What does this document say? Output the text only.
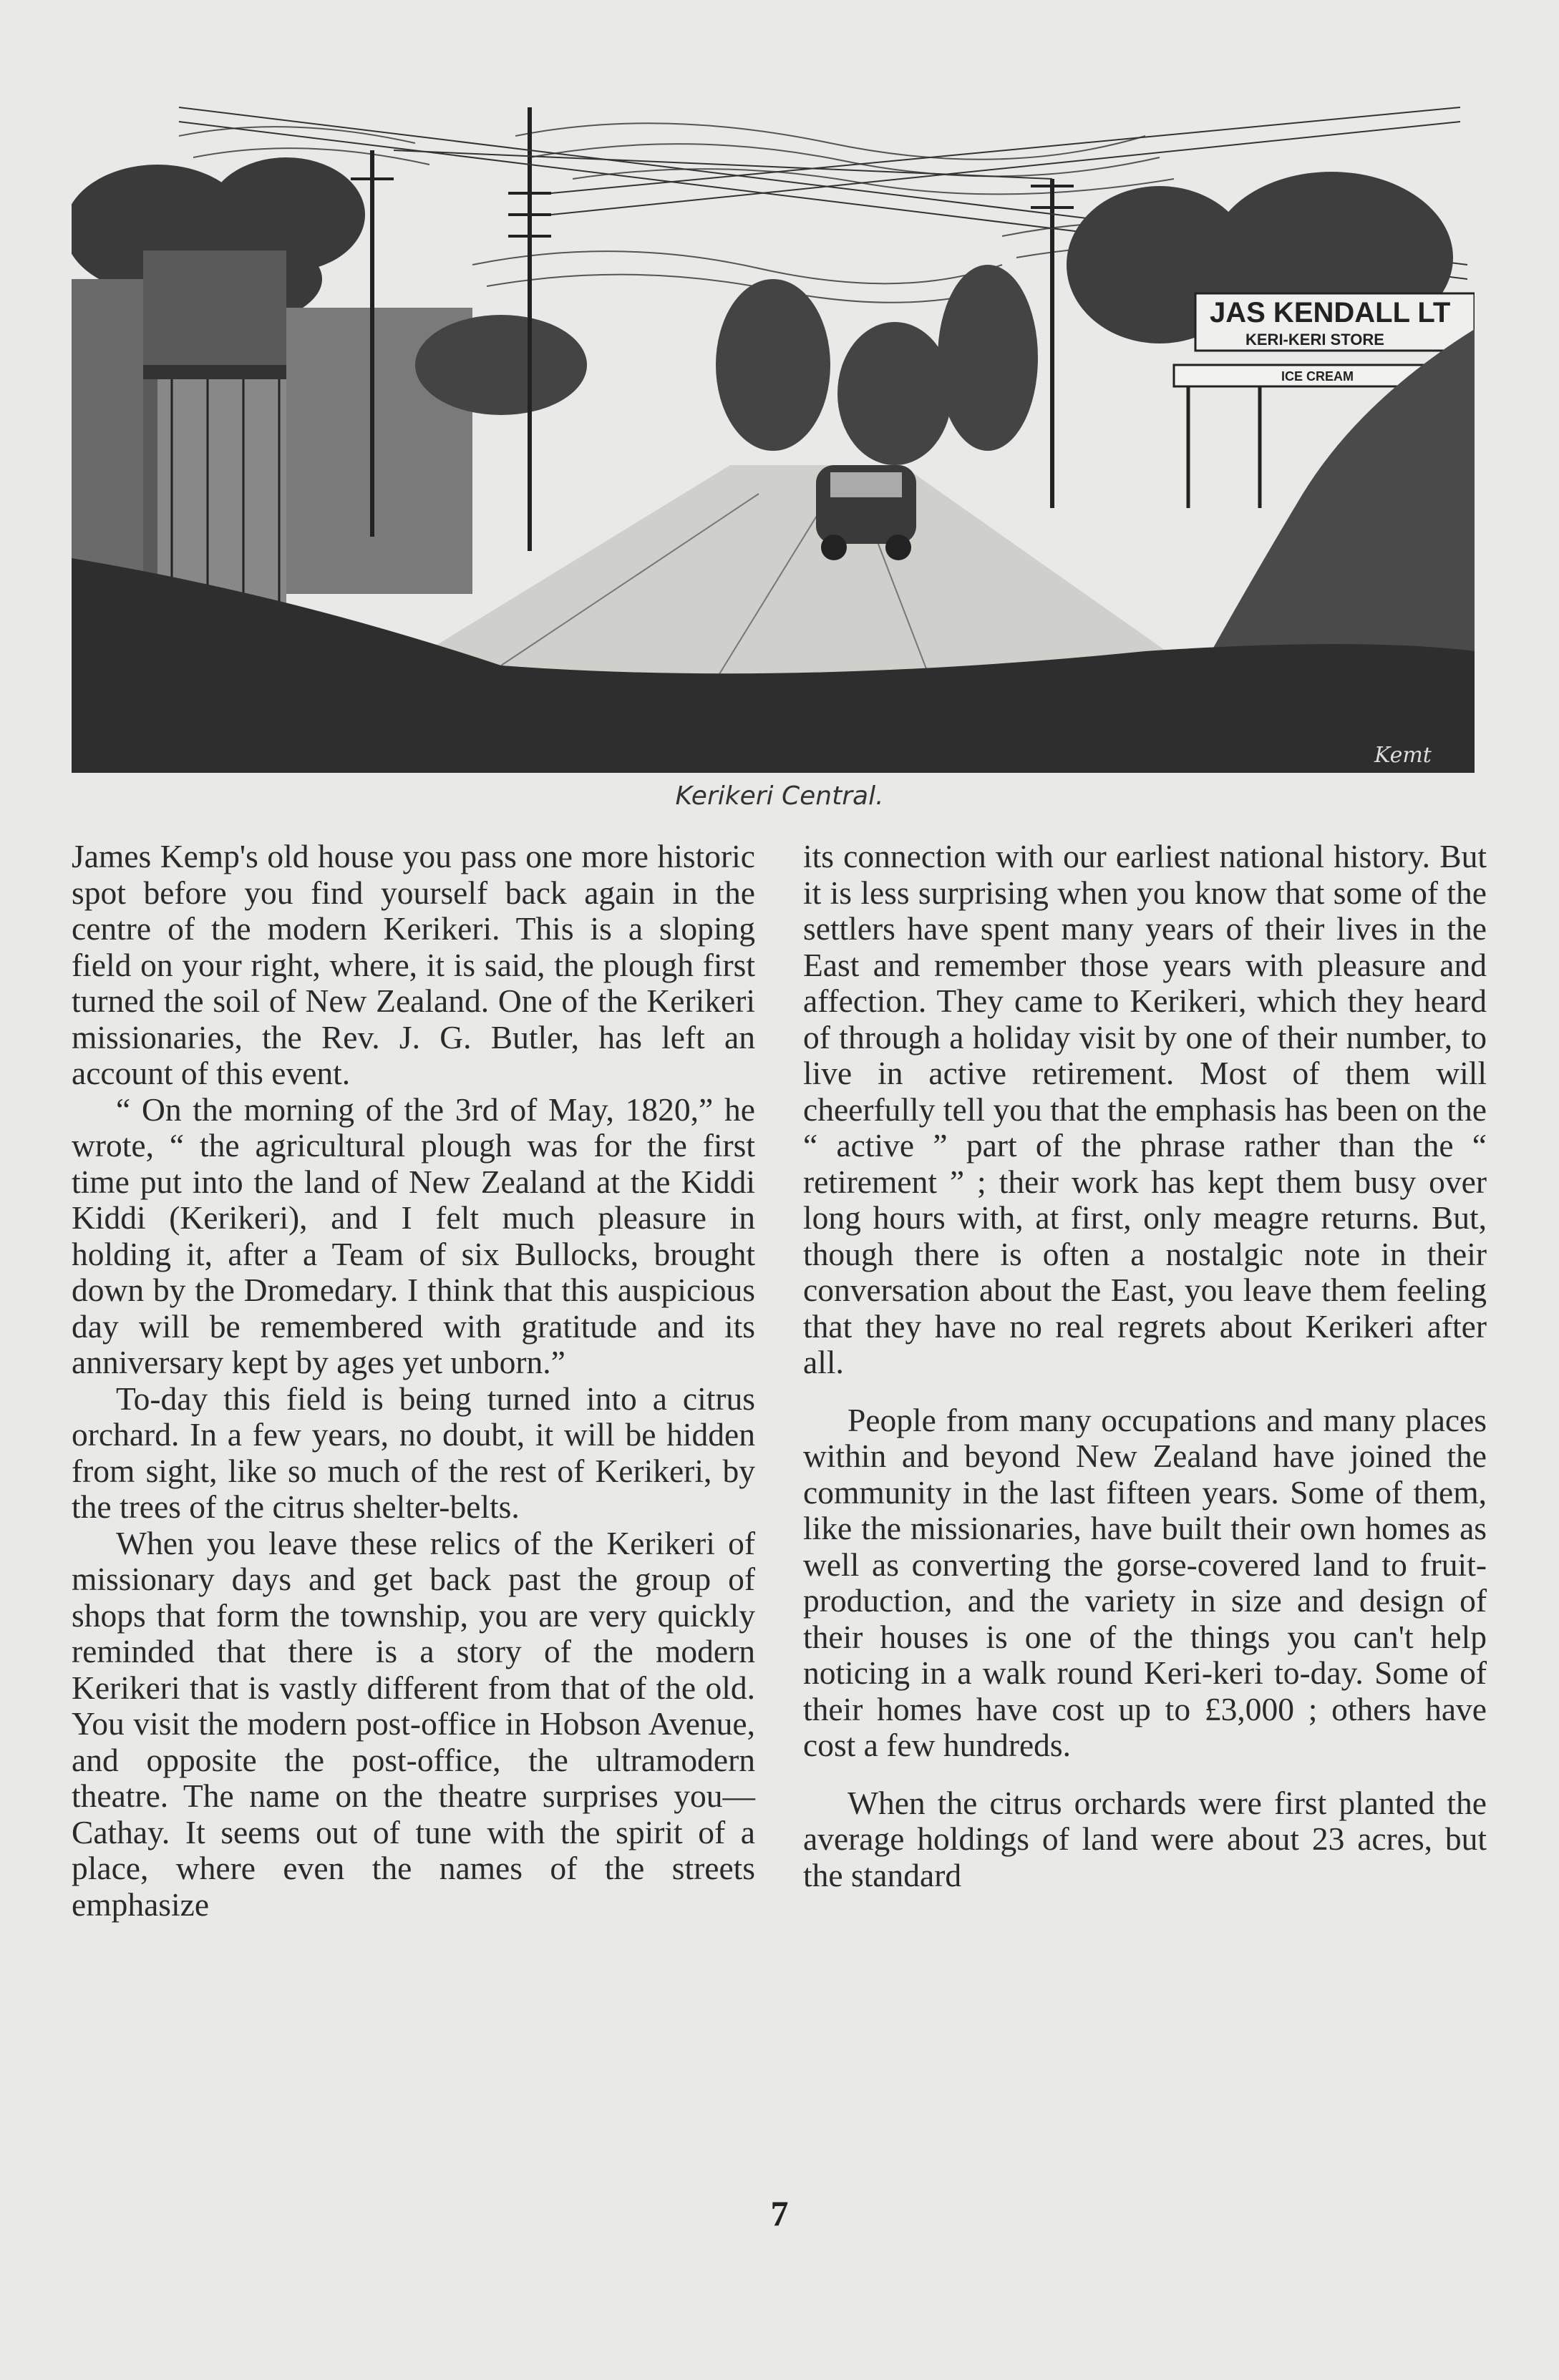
JAS KENDALL LT
KERI-KERI STORE
ICE CREAM
Kemt
Kerikeri Central.

James Kemp's old house you pass one more historic spot before you find yourself back again in the centre of the modern Kerikeri. This is a sloping field on your right, where, it is said, the plough first turned the soil of New Zealand. One of the Kerikeri missionaries, the Rev. J. G. Butler, has left an account of this event.

“ On the morning of the 3rd of May, 1820,” he wrote, “ the agricultural plough was for the first time put into the land of New Zealand at the Kiddi Kiddi (Kerikeri), and I felt much pleasure in holding it, after a Team of six Bullocks, brought down by the Dromedary. I think that this auspicious day will be remembered with gratitude and its anniversary kept by ages yet unborn.”

To-day this field is being turned into a citrus orchard. In a few years, no doubt, it will be hidden from sight, like so much of the rest of Kerikeri, by the trees of the citrus shelter-belts.

When you leave these relics of the Kerikeri of missionary days and get back past the group of shops that form the township, you are very quickly reminded that there is a story of the modern Kerikeri that is vastly different from that of the old. You visit the modern post-office in Hobson Avenue, and opposite the post-office, the ultramodern theatre. The name on the theatre surprises you—Cathay. It seems out of tune with the spirit of a place, where even the names of the streets emphasize

its connection with our earliest national history. But it is less surprising when you know that some of the settlers have spent many years of their lives in the East and remember those years with pleasure and affection. They came to Kerikeri, which they heard of through a holiday visit by one of their number, to live in active retirement. Most of them will cheerfully tell you that the emphasis has been on the “ active ” part of the phrase rather than the “ retirement ” ; their work has kept them busy over long hours with, at first, only meagre returns. But, though there is often a nostalgic note in their conversation about the East, you leave them feeling that they have no real regrets about Kerikeri after all.

People from many occupations and many places within and beyond New Zealand have joined the community in the last fifteen years. Some of them, like the missionaries, have built their own homes as well as converting the gorse-covered land to fruit-production, and the variety in size and design of their houses is one of the things you can't help noticing in a walk round Keri-keri to-day. Some of their homes have cost up to £3,000 ; others have cost a few hundreds.

When the citrus orchards were first planted the average holdings of land were about 23 acres, but the standard

7
